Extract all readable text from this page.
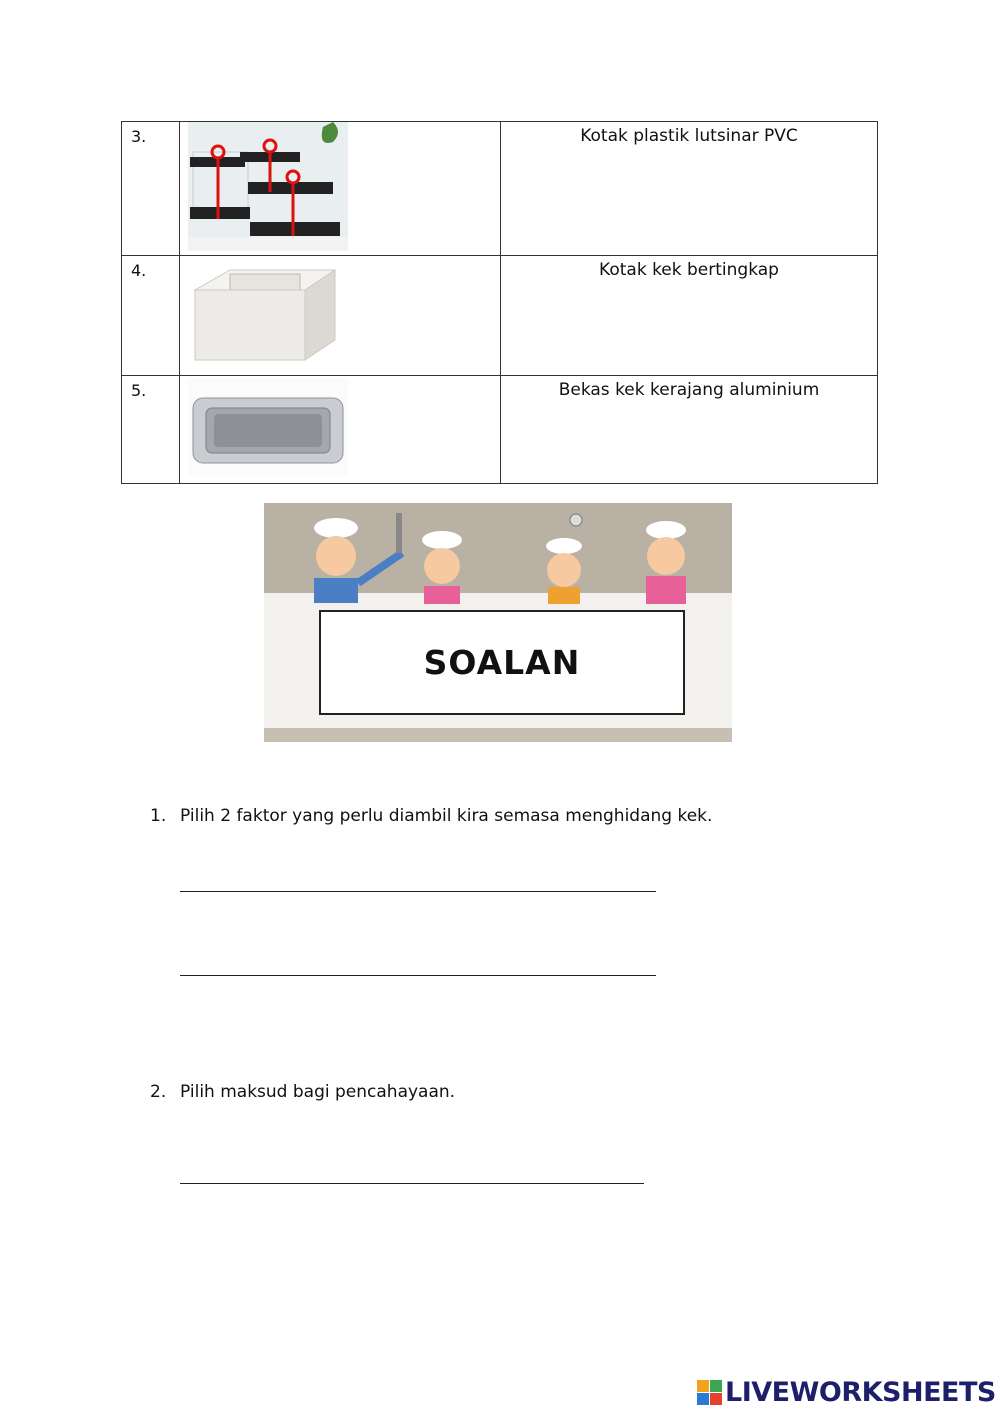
3.		Kotak plastik lutsinar PVC
4.		Kotak kek bertingkap
5.		Bekas kek kerajang aluminium
SOALAN
1. Pilih 2 faktor yang perlu diambil kira semasa menghidang kek.
2. Pilih maksud bagi pencahayaan.
LIVEWORKSHEETS
